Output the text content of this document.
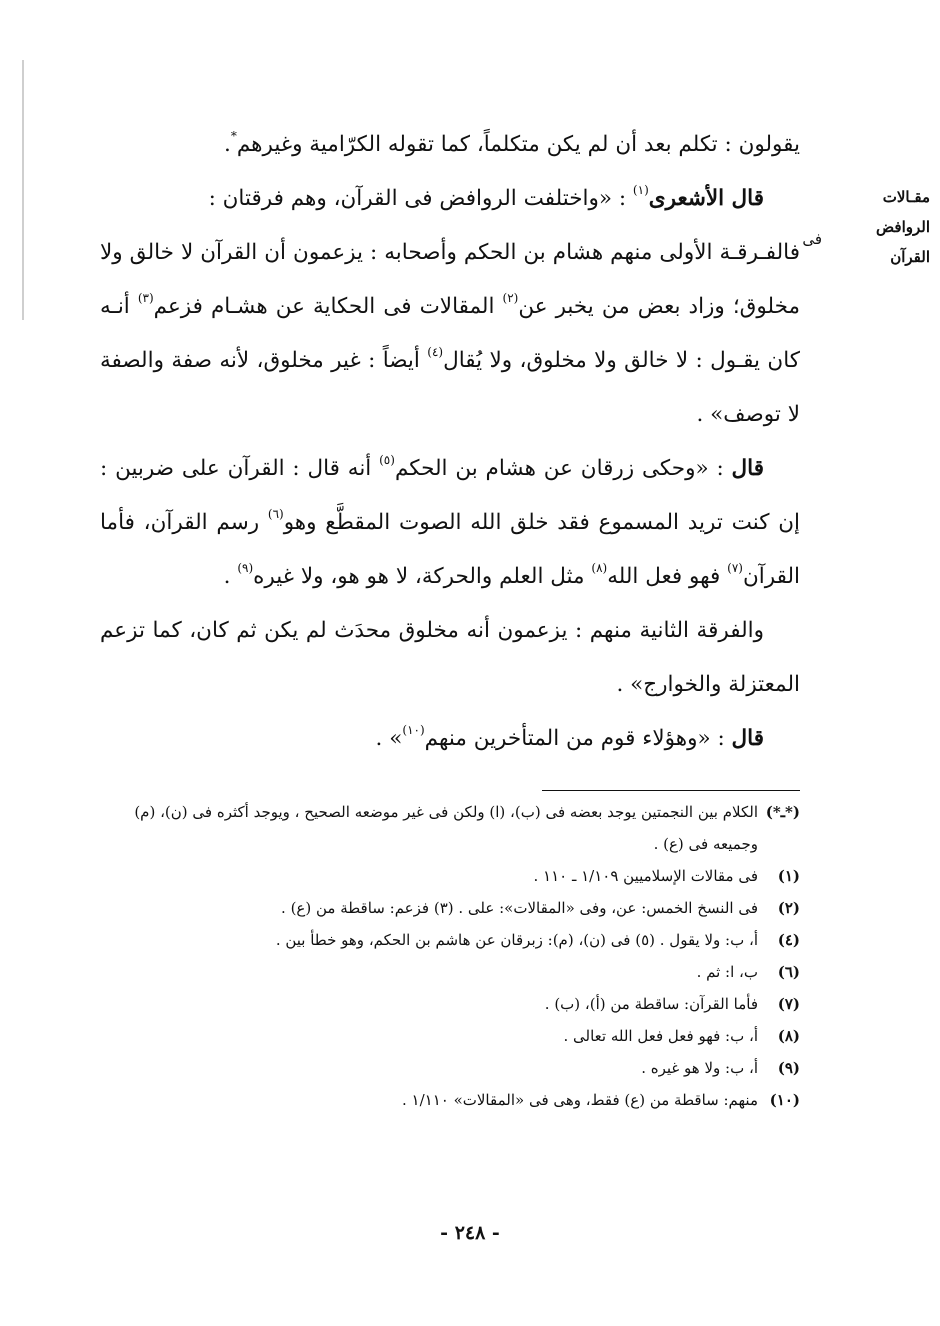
مقـالات
الروافض
القرآن
فى

يقولون : تكلم بعد أن لم يكن متكلماً، كما تقوله الكرّامية وغيرهم*.

قال الأشعرى$^{(١)}$ : «واختلفت الروافض فى القرآن، وهم فرقتان :

فالفـرقـة الأولى منهم هشام بن الحكم وأصحابه : يزعمون أن القرآن لا خالق ولا مخلوق؛ وزاد بعض من يخبر عن$^{(٢)}$ المقالات فى الحكاية عن هشـام فزعم$^{(٣)}$ أنـه كان يقـول : لا خالق ولا مخلوق، ولا يُقال$^{(٤)}$ أيضاً : غير مخلوق، لأنه صفة والصفة لا توصف» .

قال : «وحكى زرقان عن هشام بن الحكم$^{(٥)}$ أنه قال : القرآن على ضربين : إن كنت تريد المسموع فقد خلق الله الصوت المقطَّع وهو$^{(٦)}$ رسم القرآن، فأما القرآن$^{(٧)}$ فهو فعل الله$^{(٨)}$ مثل العلم والحركة، لا هو هو، ولا غيره$^{(٩)}$ .

والفرقة الثانية منهم : يزعمون أنه مخلوق محدَث لم يكن ثم كان، كما تزعم المعتزلة والخوارج» .

قال : «وهؤلاء قوم من المتأخرين منهم$^{(١٠)}$» .

(*ـ*)
الكلام بين النجمتين يوجد بعضه فى (ب)، (ا) ولكن فى غير موضعه الصحيح ، ويوجد أكثره فى (ن)، (م) وجميعه فى (ع) .
(١)
فى مقالات الإسلاميين ١/١٠٩ ـ ١١٠ .
(٢)
فى النسخ الخمس: عن، وفى «المقالات»: على . (٣) فزعم: ساقطة من (ع) .
(٤)
أ، ب: ولا يقول . (٥) فى (ن)، (م): زبرقان عن هاشم بن الحكم، وهو خطأ بين .
(٦)
ب، ا: ثم .
(٧)
فأما القرآن: ساقطة من (أ)، (ب) .
(٨)
أ، ب: فهو فعل فعل الله تعالى .
(٩)
أ، ب: ولا هو غيره .
(١٠)
منهم: ساقطة من (ع) فقط، وهى فى «المقالات» ١/١١٠ .
- ٢٤٨ -
